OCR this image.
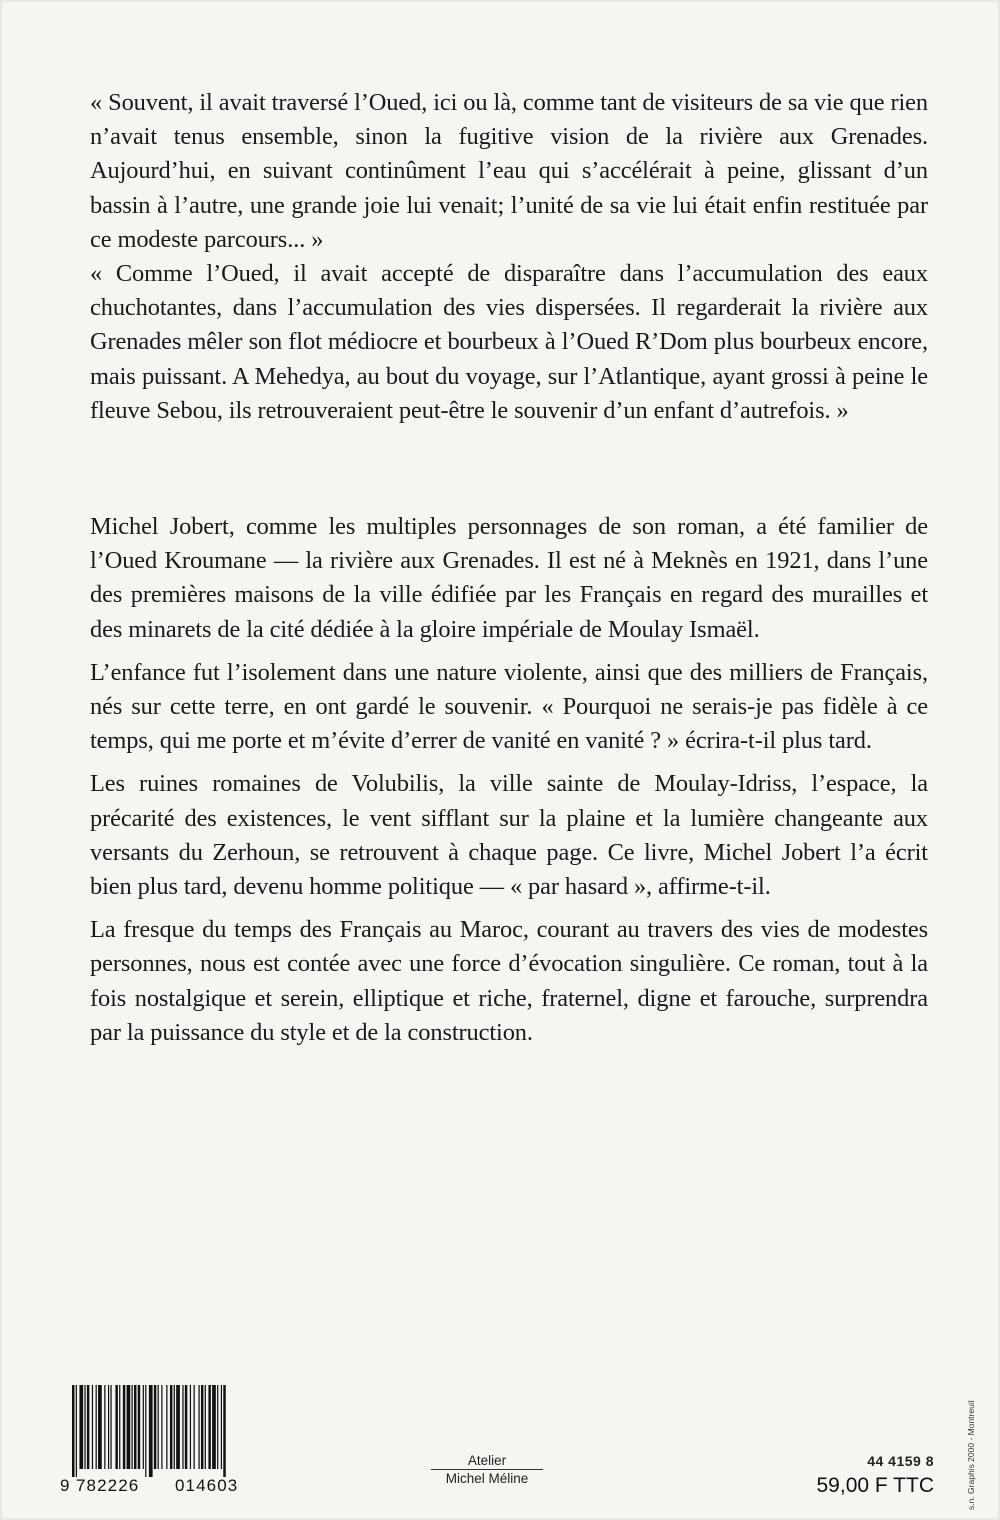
« Souvent, il avait traversé l’Oued, ici ou là, comme tant de visiteurs de sa vie que rien n’avait tenus ensemble, sinon la fugitive vision de la rivière aux Grenades. Aujourd’hui, en suivant continûment l’eau qui s’accélérait à peine, glissant d’un bassin à l’autre, une grande joie lui venait; l’unité de sa vie lui était enfin restituée par ce modeste parcours... »

« Comme l’Oued, il avait accepté de disparaître dans l’accumulation des eaux chuchotantes, dans l’accumulation des vies dispersées. Il regarderait la rivière aux Grenades mêler son flot médiocre et bourbeux à l’Oued R’Dom plus bourbeux encore, mais puissant. A Mehedya, au bout du voyage, sur l’Atlantique, ayant grossi à peine le fleuve Sebou, ils retrouveraient peut-être le souvenir d’un enfant d’autrefois. »

Michel Jobert, comme les multiples personnages de son roman, a été familier de l’Oued Kroumane — la rivière aux Grenades. Il est né à Meknès en 1921, dans l’une des premières maisons de la ville édifiée par les Français en regard des murailles et des minarets de la cité dédiée à la gloire impériale de Moulay Ismaël.

L’enfance fut l’isolement dans une nature violente, ainsi que des milliers de Français, nés sur cette terre, en ont gardé le souvenir. « Pourquoi ne serais-je pas fidèle à ce temps, qui me porte et m’évite d’errer de vanité en vanité ? » écrira-t-il plus tard.

Les ruines romaines de Volubilis, la ville sainte de Moulay-Idriss, l’espace, la précarité des existences, le vent sifflant sur la plaine et la lumière changeante aux versants du Zerhoun, se retrouvent à chaque page. Ce livre, Michel Jobert l’a écrit bien plus tard, devenu homme politique — « par hasard », affirme-t-il.

La fresque du temps des Français au Maroc, courant au travers des vies de modestes personnes, nous est contée avec une force d’évocation singulière. Ce roman, tout à la fois nostalgique et serein, elliptique et riche, fraternel, digne et farouche, surprendra par la puissance du style et de la construction.

9 782226 014603
Atelier
Michel Méline
44 4159 8
59,00 F TTC	s.n. Graphis 2000 - Montreuil
